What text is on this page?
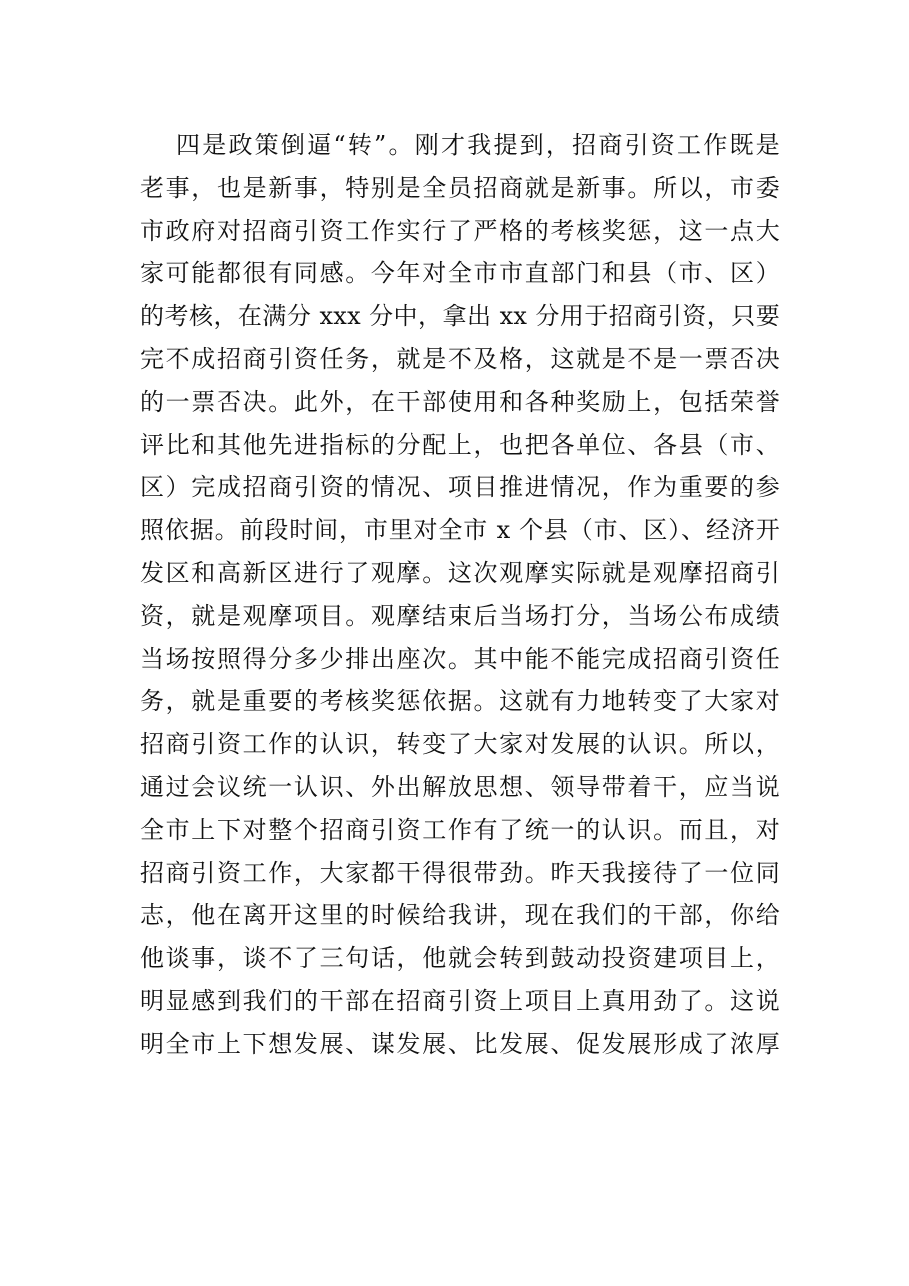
四是政策倒逼“转”。刚才我提到，招商引资工作既是
老事，也是新事，特别是全员招商就是新事。所以，市委
市政府对招商引资工作实行了严格的考核奖惩，这一点大
家可能都很有同感。今年对全市市直部门和县（市、区）
的考核，在满分 xxx 分中，拿出 xx 分用于招商引资，只要
完不成招商引资任务，就是不及格，这就是不是一票否决
的一票否决。此外，在干部使用和各种奖励上，包括荣誉
评比和其他先进指标的分配上，也把各单位、各县（市、
区）完成招商引资的情况、项目推进情况，作为重要的参
照依据。前段时间，市里对全市 x 个县（市、区）、经济开
发区和高新区进行了观摩。这次观摩实际就是观摩招商引
资，就是观摩项目。观摩结束后当场打分，当场公布成绩
当场按照得分多少排出座次。其中能不能完成招商引资任
务，就是重要的考核奖惩依据。这就有力地转变了大家对
招商引资工作的认识，转变了大家对发展的认识。所以，
通过会议统一认识、外出解放思想、领导带着干，应当说
全市上下对整个招商引资工作有了统一的认识。而且，对
招商引资工作，大家都干得很带劲。昨天我接待了一位同
志，他在离开这里的时候给我讲，现在我们的干部，你给
他谈事，谈不了三句话，他就会转到鼓动投资建项目上，
明显感到我们的干部在招商引资上项目上真用劲了。这说
明全市上下想发展、谋发展、比发展、促发展形成了浓厚
